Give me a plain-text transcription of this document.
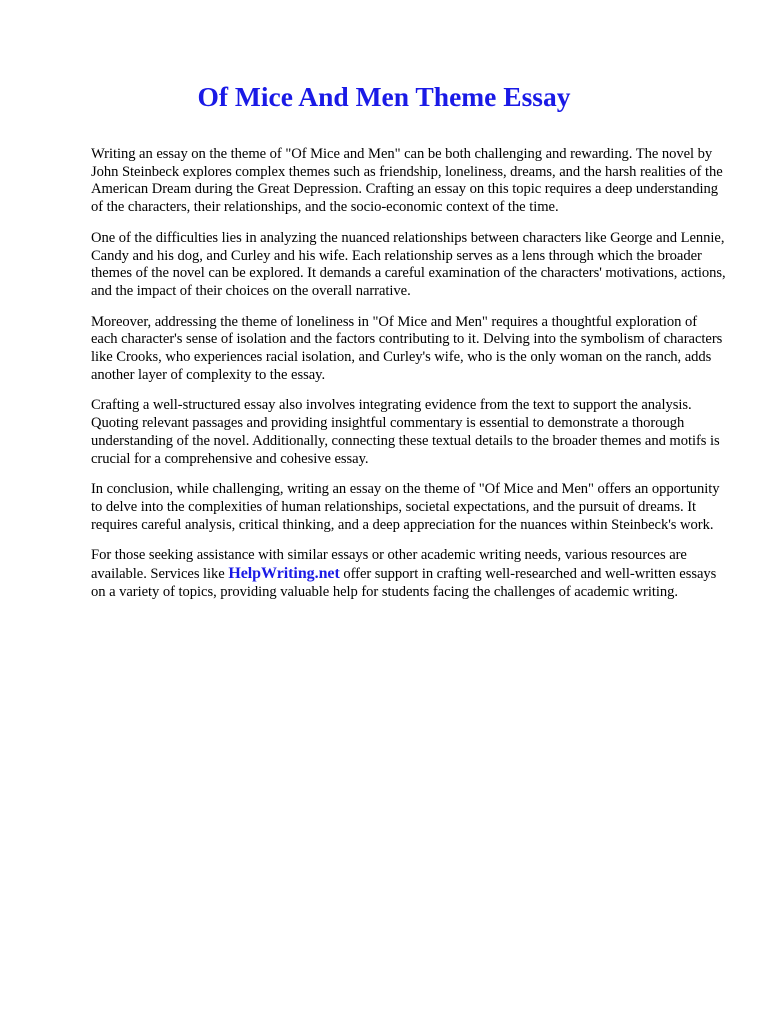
Of Mice And Men Theme Essay

Writing an essay on the theme of "Of Mice and Men" can be both challenging and rewarding. The novel by John Steinbeck explores complex themes such as friendship, loneliness, dreams, and the harsh realities of the American Dream during the Great Depression. Crafting an essay on this topic requires a deep understanding of the characters, their relationships, and the socio-economic context of the time.

One of the difficulties lies in analyzing the nuanced relationships between characters like George and Lennie, Candy and his dog, and Curley and his wife. Each relationship serves as a lens through which the broader themes of the novel can be explored. It demands a careful examination of the characters' motivations, actions, and the impact of their choices on the overall narrative.

Moreover, addressing the theme of loneliness in "Of Mice and Men" requires a thoughtful exploration of each character's sense of isolation and the factors contributing to it. Delving into the symbolism of characters like Crooks, who experiences racial isolation, and Curley's wife, who is the only woman on the ranch, adds another layer of complexity to the essay.

Crafting a well-structured essay also involves integrating evidence from the text to support the analysis. Quoting relevant passages and providing insightful commentary is essential to demonstrate a thorough understanding of the novel. Additionally, connecting these textual details to the broader themes and motifs is crucial for a comprehensive and cohesive essay.

In conclusion, while challenging, writing an essay on the theme of "Of Mice and Men" offers an opportunity to delve into the complexities of human relationships, societal expectations, and the pursuit of dreams. It requires careful analysis, critical thinking, and a deep appreciation for the nuances within Steinbeck's work.

For those seeking assistance with similar essays or other academic writing needs, various resources are available. Services like HelpWriting.net offer support in crafting well-researched and well-written essays on a variety of topics, providing valuable help for students facing the challenges of academic writing.
